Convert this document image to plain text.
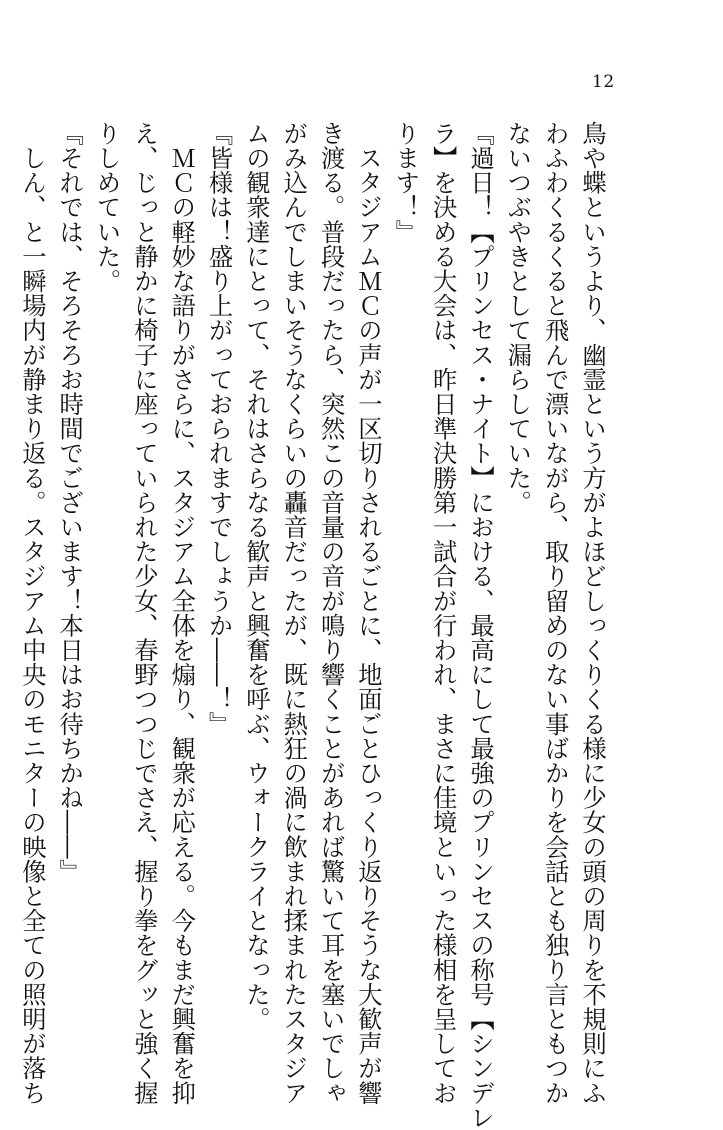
12
鳥や蝶というより、幽霊という方がよほどしっくりくる様に少女の頭の周りを不規則にふ
わふわくるくると飛んで漂いながら、取り留めのない事ばかりを会話とも独り言ともつか
ないつぶやきとして漏らしていた。
『過日！【プリンセス・ナイト】における、最高にして最強のプリンセスの称号【シンデレ
ラ】を決める大会は、昨日準決勝第一試合が行われ、まさに佳境といった様相を呈してお
ります！』
　スタジアムＭＣの声が一区切りされるごとに、地面ごとひっくり返りそうな大歓声が響
き渡る。普段だったら、突然この音量の音が鳴り響くことがあれば驚いて耳を塞いでしゃ
がみ込んでしまいそうなくらいの轟音だったが、既に熱狂の渦に飲まれ揉まれたスタジア
ムの観衆達にとって、それはさらなる歓声と興奮を呼ぶ、ウォークライとなった。
『皆様は！盛り上がっておられますでしょうか――！』
　ＭＣの軽妙な語りがさらに、スタジアム全体を煽り、観衆が応える。今もまだ興奮を抑
え、じっと静かに椅子に座っていられた少女、春野つつじでさえ、握り拳をグッと強く握
りしめていた。
『それでは、そろそろお時間でございます！本日はお待ちかね――』
　しん、と一瞬場内が静まり返る。スタジアム中央のモニターの映像と全ての照明が落ち
